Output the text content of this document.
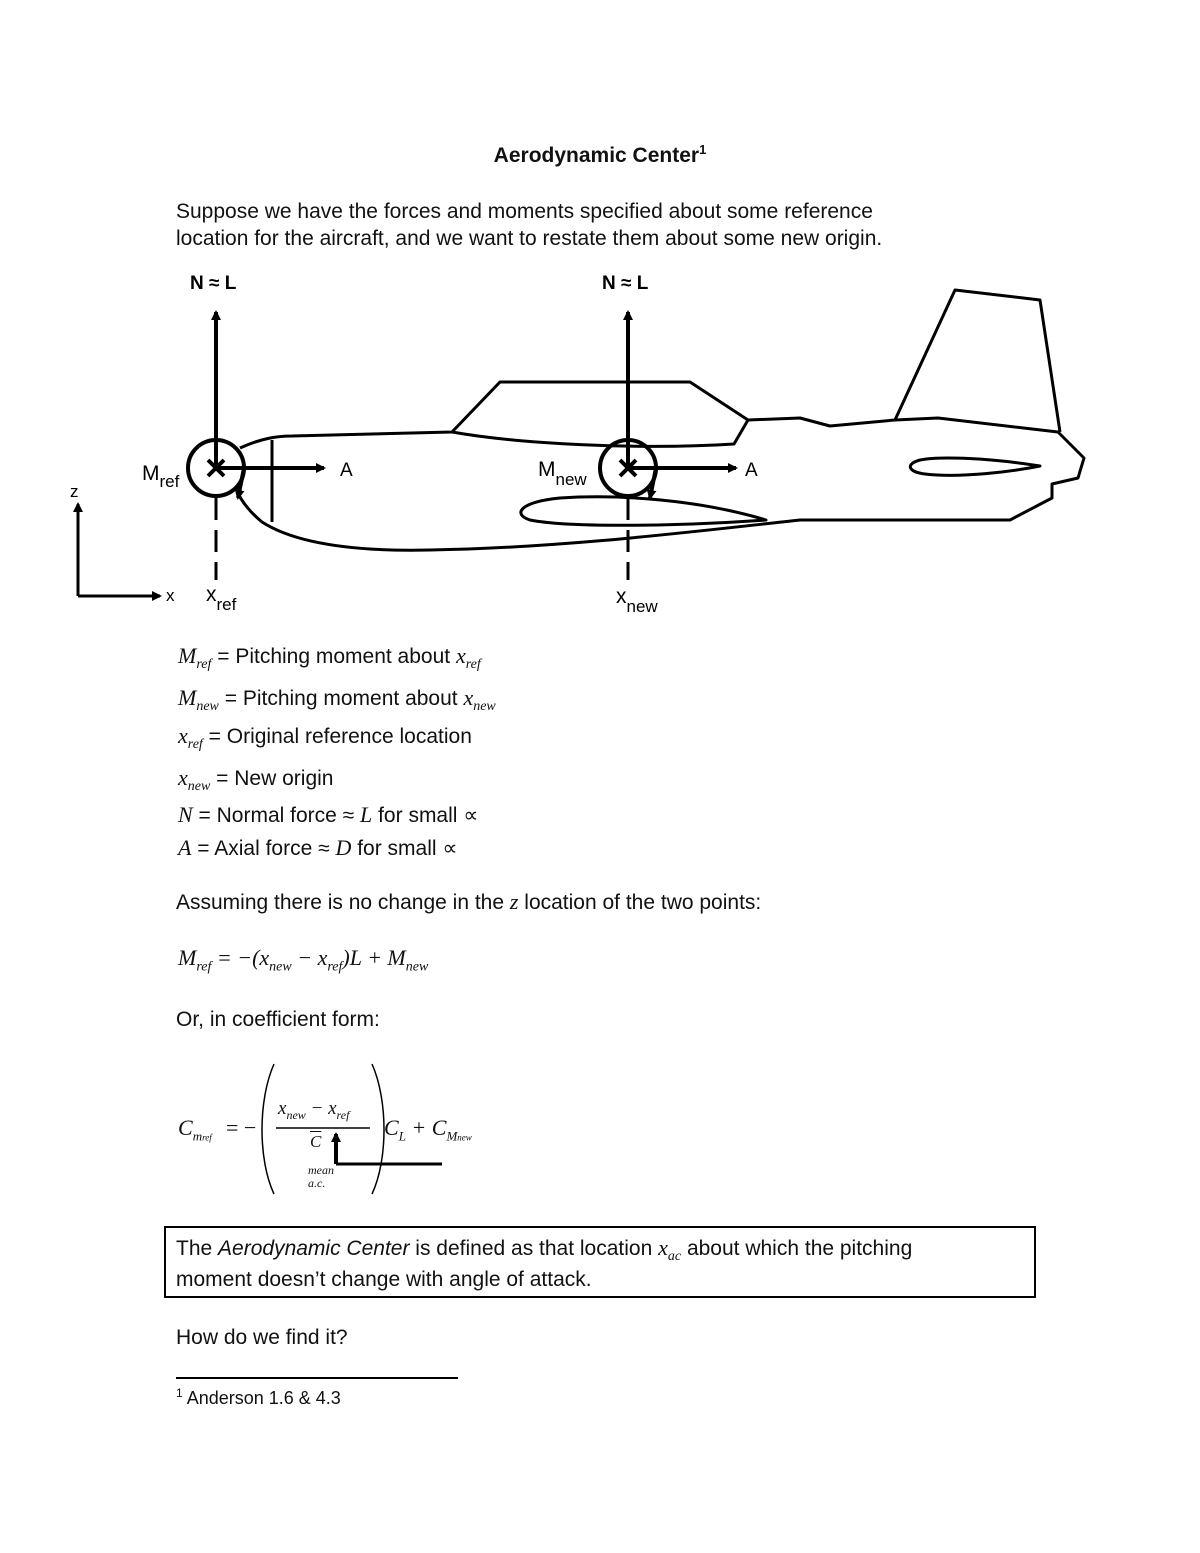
Aerodynamic Center$^1$
Suppose we have the forces and moments specified about some reference
location for the aircraft, and we want to restate them about some new origin.
N ≈ L	N ≈ L
A	A
$M_{ref}$
$M_{new}$
$x_{ref}$	$x_{new}$
z
x
$M_{ref}$ = Pitching moment about $x_{ref}$
$M_{new}$ = Pitching moment about $x_{new}$
$x_{ref}$ = Original reference location
$x_{new}$ = New origin
N = Normal force ≈ L for small ∝
A = Axial force ≈ D for small ∝
Assuming there is no change in the z location of the two points:
$M_{ref} = -(x_{new} - x_{ref})L + M_{new}$
Or, in coefficient form:
$C_{mref}$ = −
$x_{new} - x_{ref}$
$\overline{C}$
mean
a.c.
$C_L + C_{Mnew}$
The Aerodynamic Center is defined as that location $x_{ac}$ about which the pitching
moment doesn’t change with angle of attack.
How do we find it?
$^1$ Anderson 1.6 & 4.3
